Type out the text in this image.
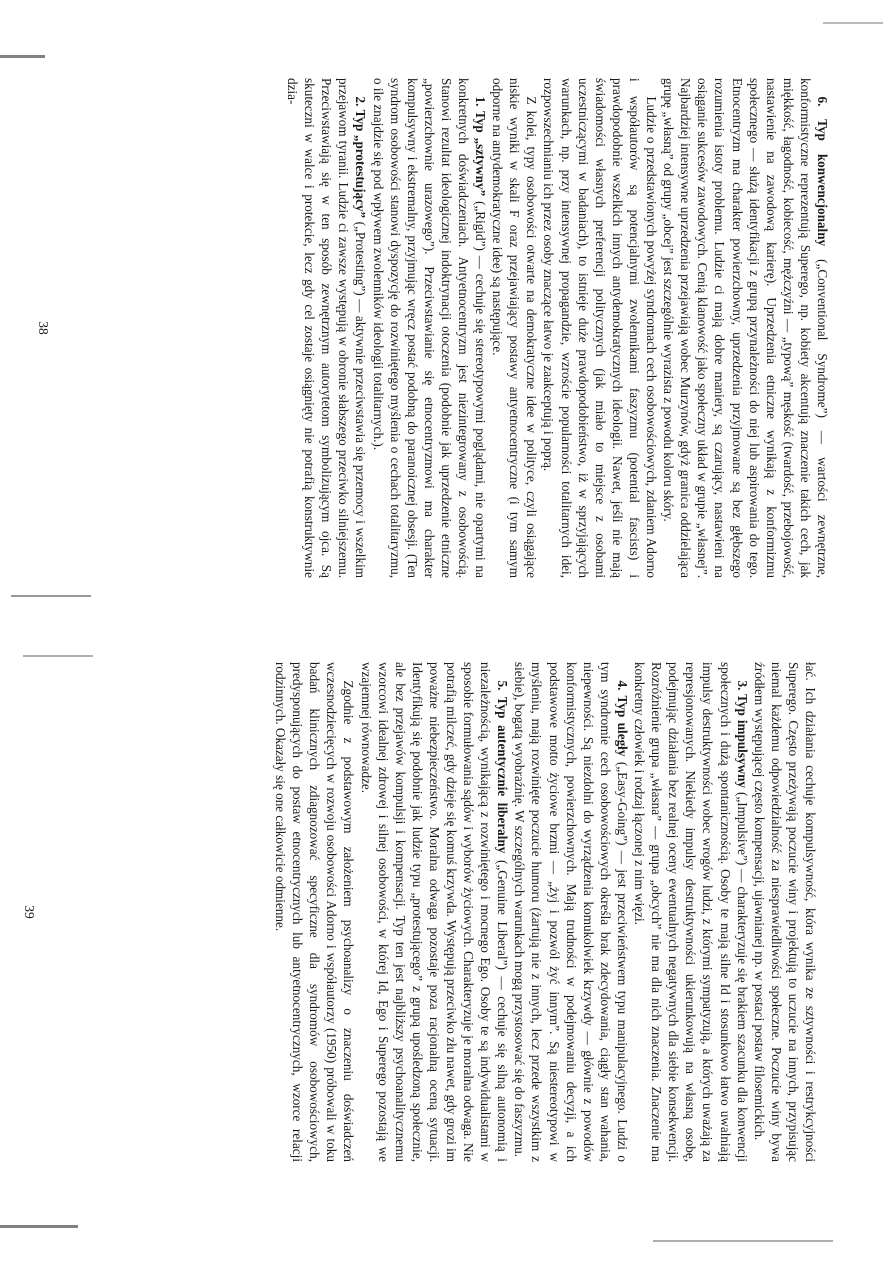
6. Typ konwencjonalny („Conventional Syndrome”) — wartości zewnętrzne, konformistyczne reprezentują Superego, np. kobiety akcentują znaczenie takich cech, jak miękkość, łagodność, kobiecość, mężczyźni — „typową” męskość (twardość, przebojowość, nastawienie na zawodową karierę). Uprzedzenia etniczne wynikają z konformizmu społecznego — służą identyfikacji z grupą przynależności do niej lub aspirowania do tego. Etnocentryzm ma charakter powierzchowny, uprzedzenia przyjmowane są bez głębszego rozumienia istoty problemu. Ludzie ci mają dobre maniery, są czarujący, nastawieni na osiąganie sukcesów zawodowych. Cenią klanowość jako społeczny układ w grupie „własnej”. Najbardziej intensywne uprzedzenia przejawiają wobec Murzynów, gdyż granica oddzielająca grupę „własną” od grupy „obcej” jest szczególnie wyrazista z powodu koloru skóry.

Ludzie o przedstawionych powyżej syndromach cech osobowościowych, zdaniem Adorno i współautorów są potencjalnymi zwolennikami faszyzmu (potential fascists) i prawdopodobnie wszelkich innych antydemokratycznych ideologii. Nawet, jeśli nie mają świadomości własnych preferencji politycznych (jak miało to miejsce z osobami uczestniczącymi w badaniach), to istnieje duże prawdopodobieństwo, iż w sprzyjających warunkach, np. przy intensywnej propagandzie, wzroście popularności totalitarnych idei, rozpowszechnianiu ich przez osoby znaczące łatwo je zaakceptują i poprą.

Z kolei, typy osobowości otwarte na demokratyczne idee w polityce, czyli osiągające niskie wyniki w skali F oraz przejawiający postawy antyetnocentryczne (i tym samym odporne na antydemokratyczne idee) są następujące.

1. Typ „sztywny” („Rigid”) — cechuje się stereotypowymi poglądami, nie opartymi na konkretnych doświadczeniach. Antyetnocentryzm jest niezintegrowany z osobowością. Stanowi rezultat ideologicznej indoktrynacji otoczenia (podobnie jak uprzedzenie etniczne „powierzchownie urazowego”). Przeciwstawianie się etnocentryzmowi ma charakter kompulsywny i ekstremalny, przyjmując wręcz postać podobną do paranoicznej obsesji. (Ten syndrom osobowości stanowi dyspozycję do rozwiniętego myślenia o cechach totalitaryzmu, o ile znajdzie się pod wpływem zwolenników ideologii totalitarnych.).

2. Typ „protestujący” („Protesting”) — aktywnie przeciwstawia się przemocy i wszelkim przejawom tyranii. Ludzie ci zawsze występują w obronie słabszego przeciwko silniejszemu. Przeciwstawiają się w ten sposób zewnętrznym autorytetom symbolizującym ojca. Są skuteczni w walce i protekcie, lecz gdy cel zostaje osiągnięty nie potrafią konstruktywnie dzia-

38

łać. Ich działania cechuje kompulsywność, która wynika ze sztywności i restrykcyjności Superego. Często przeżywają poczucie winy i projektują to uczucie na innych, przypisując niemal każdemu odpowiedzialność za niesprawiedliwości społeczne. Poczucie winy bywa źródłem występującej często kompensacji, ujawnianej np. w postaci postaw filosemickich.

3. Typ impulsywny („Impulsive”) — charakteryzuje się brakiem szacunku dla konwencji społecznych i dużą spontanicznością. Osoby te mają silne Id i stosunkowo łatwo uwalniają impulsy destruktywności wobec wrogów ludzi, z którymi sympatyzują, a których uważają za represjonowanych. Niekiedy impulsy destruktywności ukierunkowują na własną osobę, podejmując działania bez realnej oceny ewentualnych negatywnych dla siebie konsekwencji. Rozróżnienie grupa „własna” — grupa „obcych” nie ma dla nich znaczenia. Znaczenie ma konkretny człowiek i rodzaj łączonej z nim więzi.

4. Typ uległy („Easy-Going”) — jest przeciwieństwem typu manipulacyjnego. Ludzi o tym syndromie cech osobowościowych określa brak zdecydowania, ciągły stan wahania, niepewności. Są niezdolni do wyrządzenia komukolwiek krzywdy — głównie z powodów konformistycznych, powierzchownych. Mają trudności w podejmowaniu decyzji, a ich podstawowe motto życiowe brzmi — „żyj i pozwól żyć innym”. Są niestereotypowi w myśleniu, mają rozwinięte poczucie humoru (żartują nie z innych, lecz przede wszystkim z siebie), bogatą wyobraźnię. W szczególnych warunkach mogą przystosować się do faszyzmu.

5. Typ autentycznie liberalny („Genuine Liberal”) — cechuje się silną autonomią i niezależnością, wynikającą z rozwiniętego i mocnego Ego. Osoby te są indywidualistami w sposobie formułowania sądów i wyborów życiowych. Charakteryzuje je moralna odwaga. Nie potrafią milczeć, gdy dzieje się komuś krzywda. Występują przeciwko złu nawet, gdy grozi im poważne niebezpieczeństwo. Moralna odwaga pozostaje poza racjonalną oceną sytuacji. Identyfikują się podobnie jak ludzie typu „protestującego” z grupą upośledzoną społecznie, ale bez przejawów kompulsji i kompensacji. Typ ten jest najbliższy psychoanalitycznemu wzorcowi idealnej zdrowej i silnej osobowości, w której Id, Ego i Superego pozostają we wzajemnej równowadze.

Zgodnie z podstawowym założeniem psychoanalizy o znaczeniu doświadczeń wczesnodziecięcych w rozwoju osobowości Adorno i współautorzy (1950) próbowali w toku badań klinicznych zdiagnozować specyficzne dla syndromów osobowościowych, predysponujących do postaw etnocentrycznych lub antyetnocentrycznych, wzorce relacji rodzinnych. Okazały się one całkowicie odmienne.

39
